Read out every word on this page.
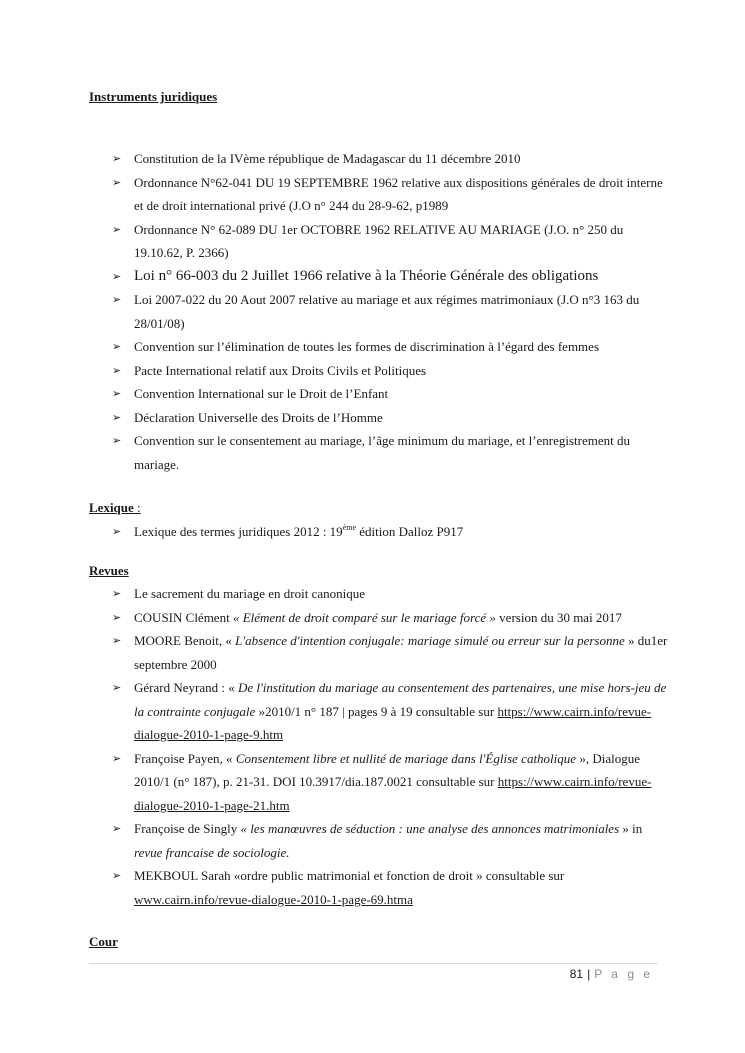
Instruments juridiques
➢ Constitution de la IVème république de Madagascar du 11 décembre 2010
➢ Ordonnance N°62-041 DU 19 SEPTEMBRE 1962 relative aux dispositions générales de droit interne et de droit international privé (J.O n° 244 du 28-9-62, p1989
➢ Ordonnance N° 62-089 DU 1er OCTOBRE 1962 RELATIVE AU MARIAGE (J.O. n° 250 du 19.10.62, P. 2366)
➢ Loi n° 66-003 du 2 Juillet 1966 relative à la Théorie Générale des obligations
➢ Loi 2007-022 du 20 Aout 2007 relative au mariage et aux régimes matrimoniaux (J.O n°3 163 du 28/01/08)
➢ Convention sur l’élimination de toutes les formes de discrimination à l’égard des femmes
➢ Pacte International relatif aux Droits Civils et Politiques
➢ Convention International sur le Droit de l’Enfant
➢ Déclaration Universelle des Droits de l’Homme
➢ Convention sur le consentement au mariage, l’âge minimum du mariage, et l’enregistrement du mariage.
Lexique :
➢ Lexique des termes juridiques 2012 : 19ème édition Dalloz P917
Revues
➢ Le sacrement du mariage en droit canonique
➢ COUSIN Clément « Elément de droit comparé sur le mariage forcé » version du 30 mai 2017
➢ MOORE Benoit, « L'absence d'intention conjugale: mariage simulé ou erreur sur la personne » du1er septembre 2000
➢ Gérard Neyrand : « De l'institution du mariage au consentement des partenaires, une mise hors-jeu de la contrainte conjugale »2010/1 n° 187 | pages 9 à 19 consultable sur https://www.cairn.info/revue-dialogue-2010-1-page-9.htm
➢ Françoise Payen, « Consentement libre et nullité de mariage dans l'Église catholique », Dialogue 2010/1 (n° 187), p. 21-31. DOI 10.3917/dia.187.0021 consultable sur https://www.cairn.info/revue-dialogue-2010-1-page-21.htm
➢ Françoise de Singly « les manœuvres de séduction : une analyse des annonces matrimoniales » in revue francaise de sociologie.
➢ MEKBOUL Sarah «ordre public matrimonial et fonction de droit » consultable sur www.cairn.info/revue-dialogue-2010-1-page-69.htma
Cour
81 | P a g e
